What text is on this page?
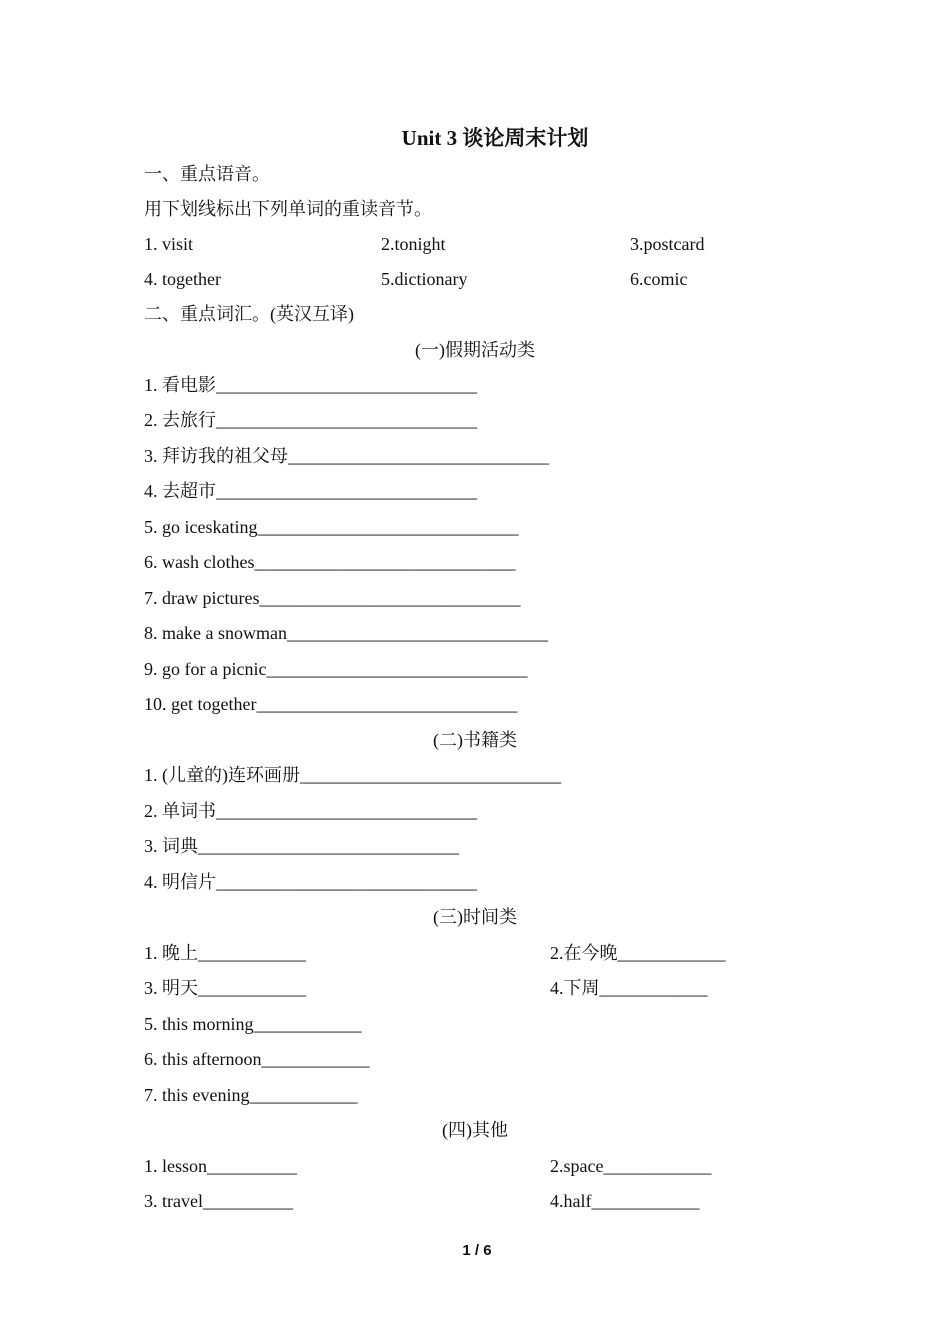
Unit 3 谈论周末计划
一、重点语音。
用下划线标出下列单词的重读音节。
1. visit	2.tonight	3.postcard
4. together	5.dictionary	6.comic
二、重点词汇。(英汉互译)
(一)假期活动类
1. 看电影_____________________________
2. 去旅行_____________________________
3. 拜访我的祖父母_____________________________
4. 去超市_____________________________
5. go iceskating_____________________________
6. wash clothes_____________________________
7. draw pictures_____________________________
8. make a snowman_____________________________
9. go for a picnic_____________________________
10. get together_____________________________
(二)书籍类
1. (儿童的)连环画册_____________________________
2. 单词书_____________________________
3. 词典_____________________________
4. 明信片_____________________________
(三)时间类
1. 晚上____________	2.在今晚____________
3. 明天____________	4.下周____________
5. this morning____________
6. this afternoon____________
7. this evening____________
(四)其他
1. lesson__________	2.space____________
3. travel__________	4.half____________
1 / 6
